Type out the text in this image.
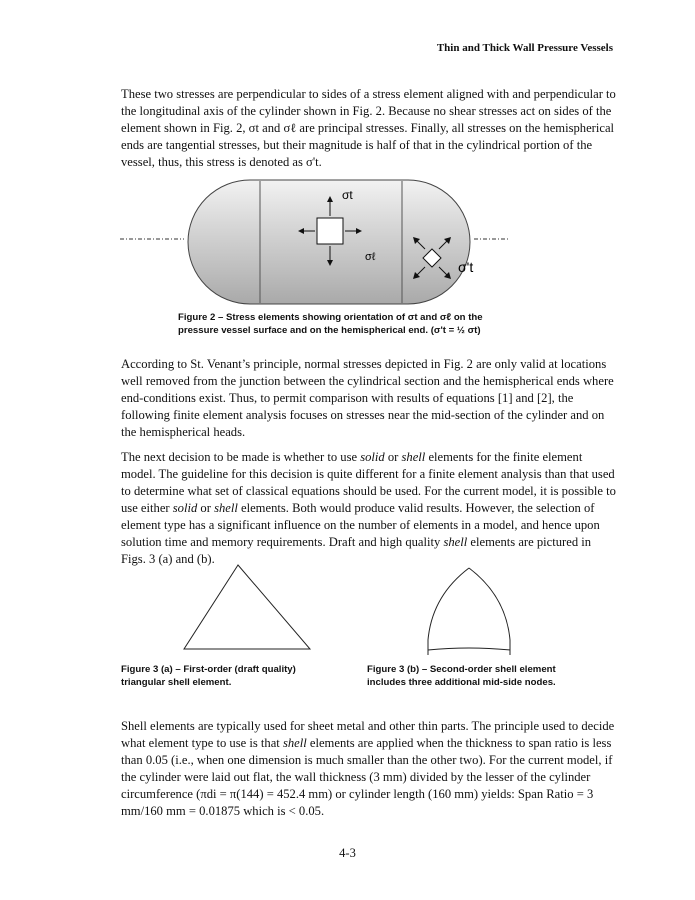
Thin and Thick Wall Pressure Vessels

These two stresses are perpendicular to sides of a stress element aligned with and perpendicular to the longitudinal axis of the cylinder shown in Fig. 2. Because no shear stresses act on sides of the element shown in Fig. 2, σt and σℓ are principal stresses. Finally, all stresses on the hemispherical ends are tangential stresses, but their magnitude is half of that in the cylindrical portion of the vessel, thus, this stress is denoted as σ't.

σt
σℓ
σ't
Figure 2 – Stress elements showing orientation of σt and σℓ on the
pressure vessel surface and on the hemispherical end. (σ't = ½ σt)

According to St. Venant’s principle, normal stresses depicted in Fig. 2 are only valid at locations well removed from the junction between the cylindrical section and the hemispherical ends where end-conditions exist. Thus, to permit comparison with results of equations [1] and [2], the following finite element analysis focuses on stresses near the mid-section of the cylinder and on the hemispherical heads.

The next decision to be made is whether to use solid or shell elements for the finite element model. The guideline for this decision is quite different for a finite element analysis than that used to determine what set of classical equations should be used. For the current model, it is possible to use either solid or shell elements. Both would produce valid results. However, the selection of element type has a significant influence on the number of elements in a model, and hence upon solution time and memory requirements. Draft and high quality shell elements are pictured in Figs. 3 (a) and (b).

Figure 3 (a) – First-order (draft quality)
triangular shell element.
Figure 3 (b) – Second-order shell element
includes three additional mid-side nodes.

Shell elements are typically used for sheet metal and other thin parts. The principle used to decide what element type to use is that shell elements are applied when the thickness to span ratio is less than 0.05 (i.e., when one dimension is much smaller than the other two). For the current model, if the cylinder were laid out flat, the wall thickness (3 mm) divided by the lesser of the cylinder circumference (πdi = π(144) = 452.4 mm) or cylinder length (160 mm) yields: Span Ratio = 3 mm/160 mm = 0.01875 which is < 0.05.

4-3
